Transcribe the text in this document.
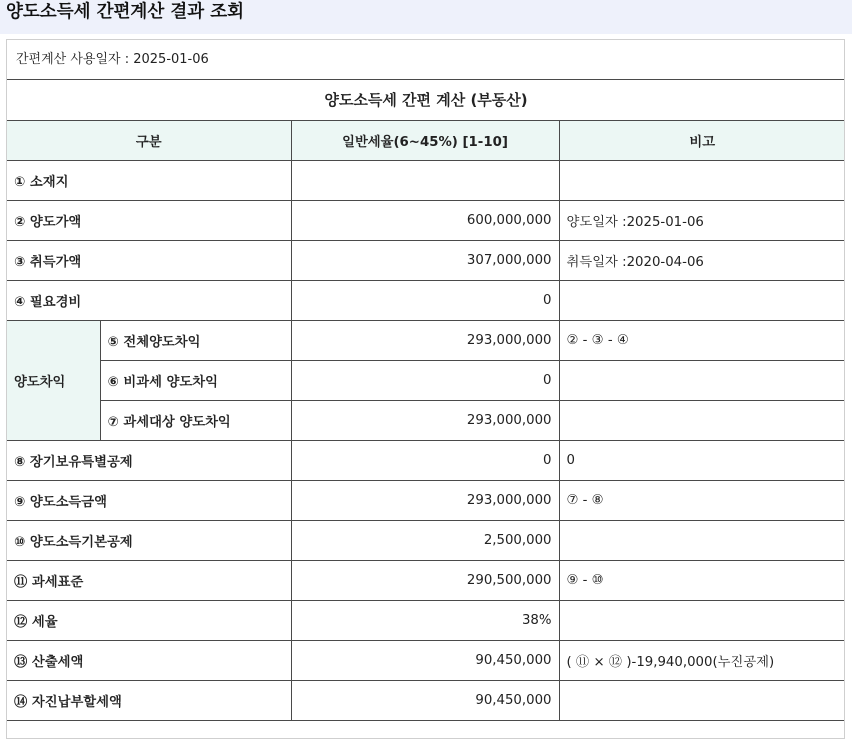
양도소득세 간편계산 결과 조회
간편계산 사용일자 : 2025-01-06
양도소득세 간편 계산 (부동산)			
구분		일반세율(6~45%) [1-10]	비고
① 소재지			
② 양도가액		600,000,000	양도일자 :2025-01-06
③ 취득가액		307,000,000	취득일자 :2020-04-06
④ 필요경비		0	
양도차익	⑤ 전체양도차익	293,000,000	② - ③ - ④
	⑥ 비과세 양도차익	0	
	⑦ 과세대상 양도차익	293,000,000	
⑧ 장기보유특별공제		0	0
⑨ 양도소득금액		293,000,000	⑦ - ⑧
⑩ 양도소득기본공제		2,500,000	
⑪ 과세표준		290,500,000	⑨ - ⑩
⑫ 세율		38%	
⑬ 산출세액		90,450,000	( ⑪ × ⑫ )-19,940,000(누진공제)
⑭ 자진납부할세액		90,450,000	
